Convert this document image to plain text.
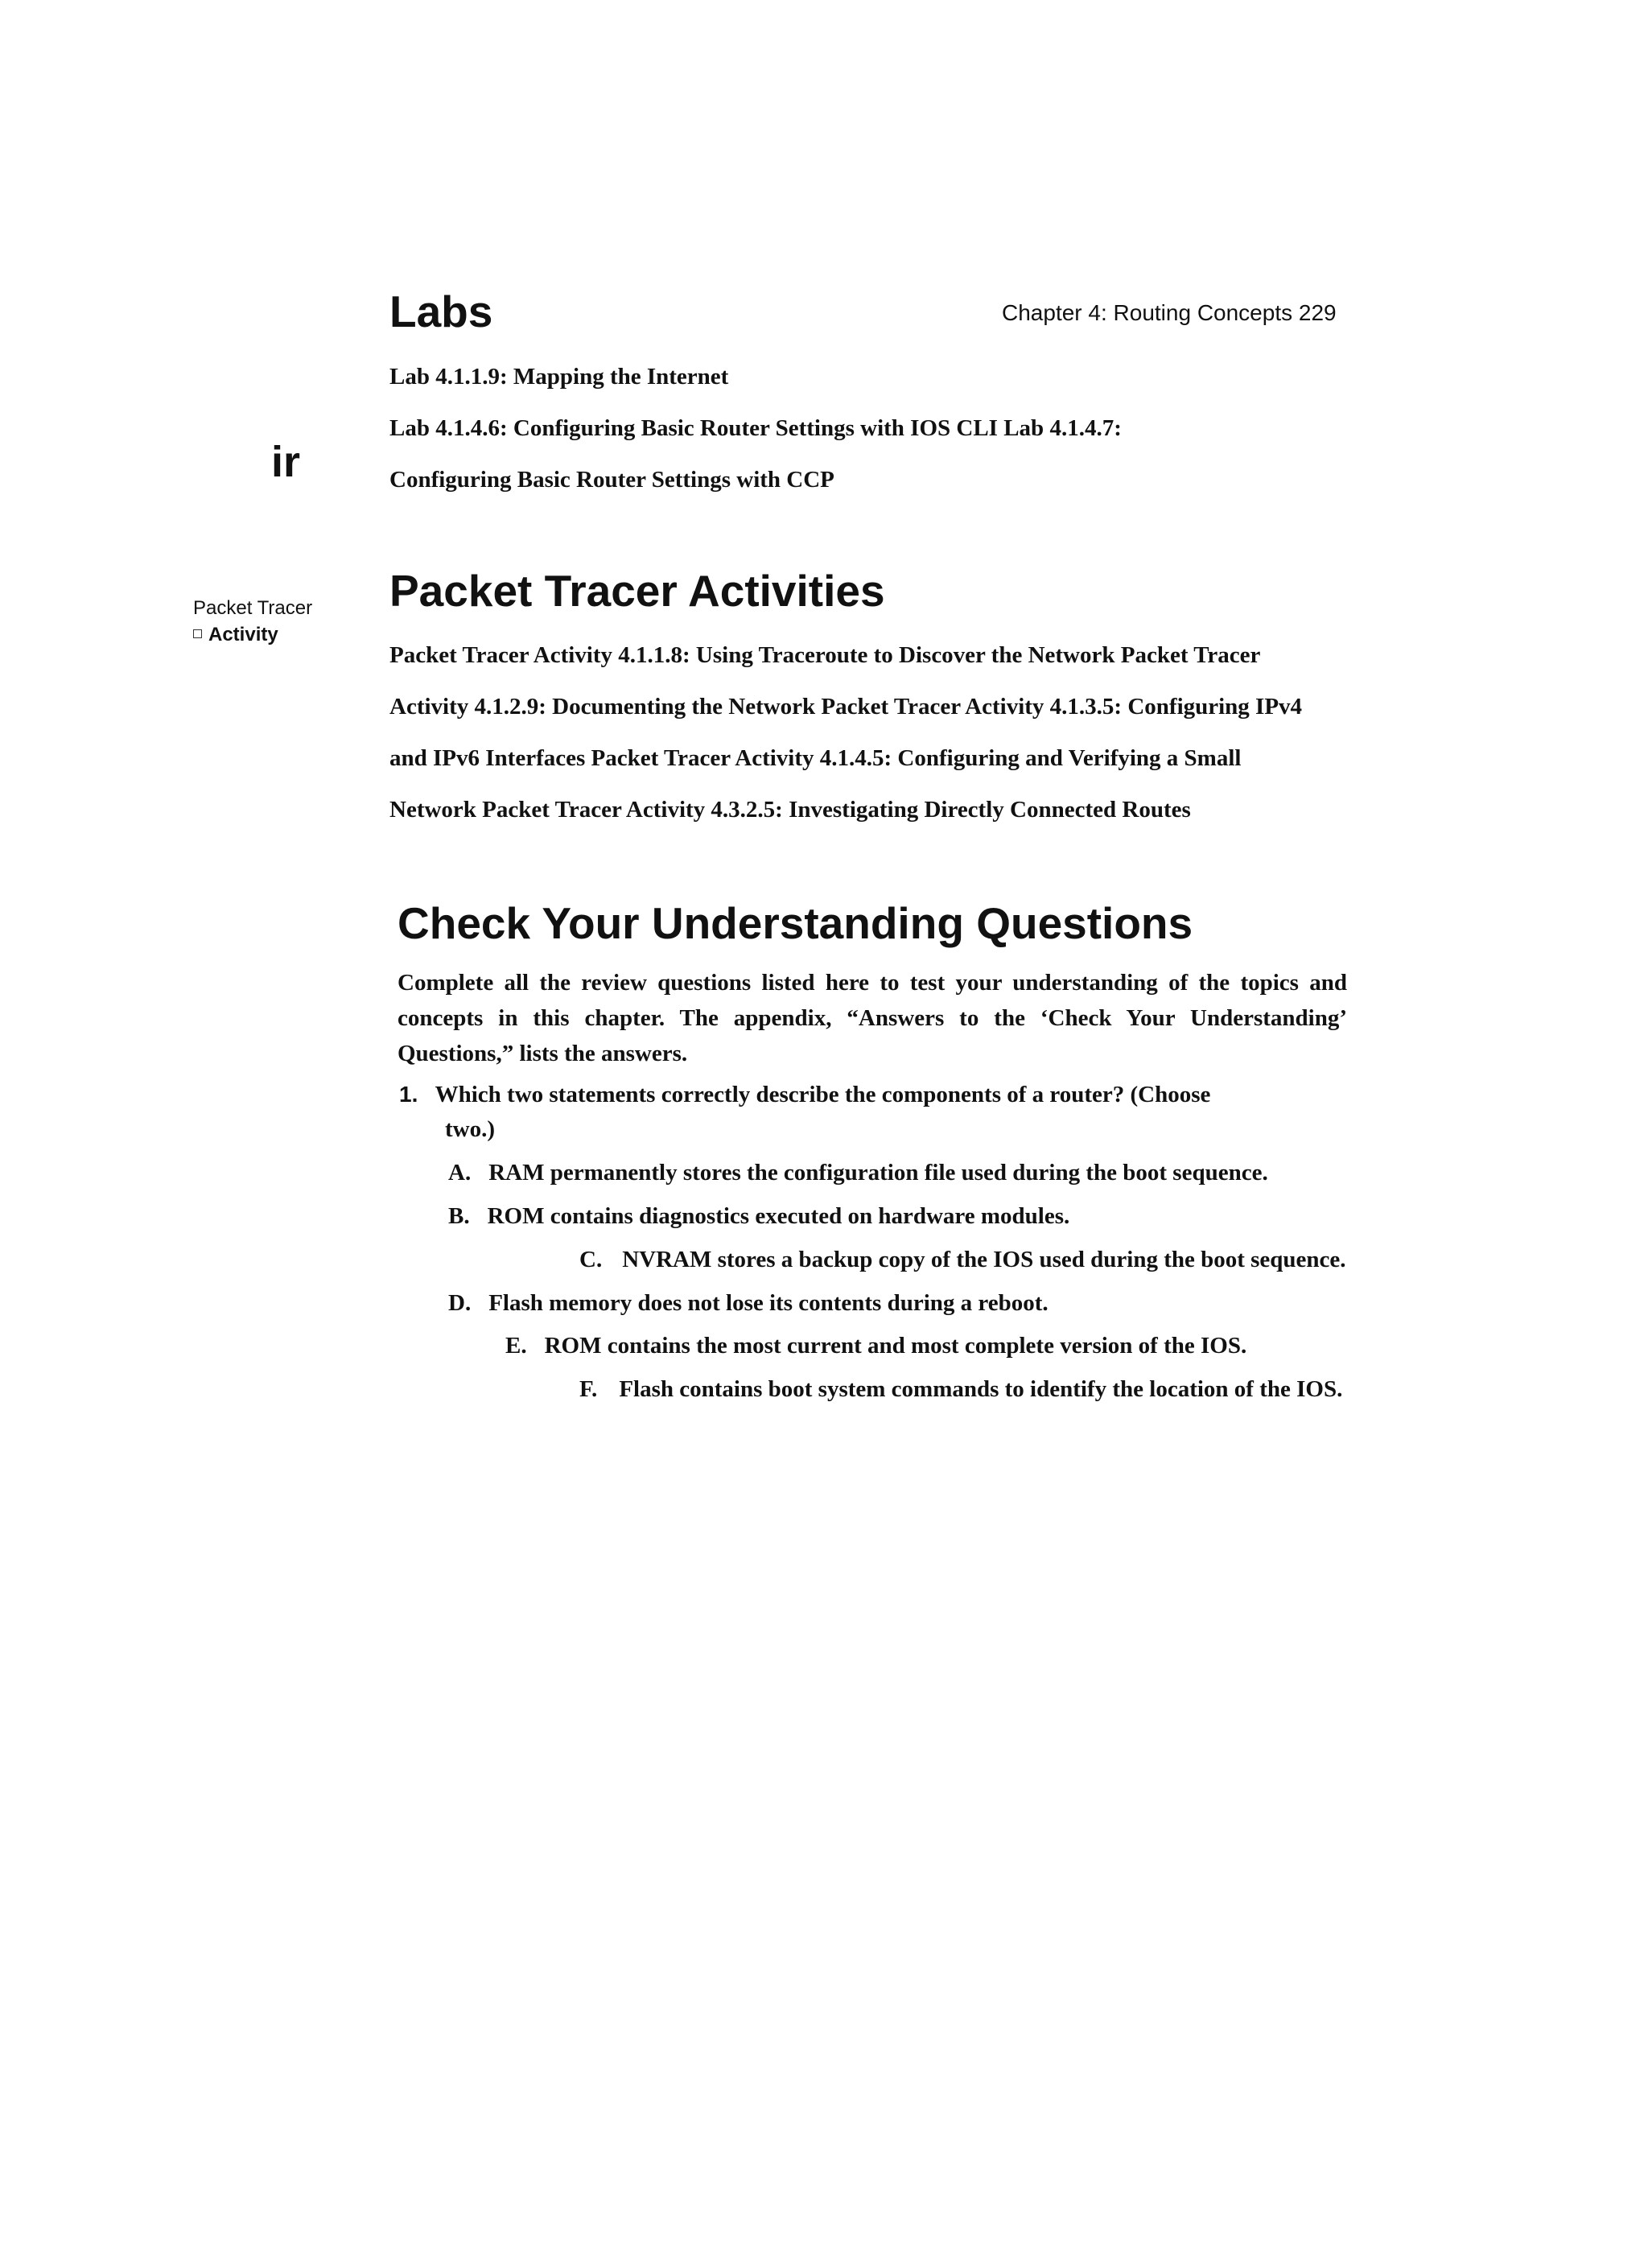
Chapter 4: Routing Concepts 229
ir
Packet Tracer
Activity
Labs
Lab 4.1.1.9: Mapping the Internet
Lab 4.1.4.6: Configuring Basic Router Settings with IOS CLI Lab 4.1.4.7:
Configuring Basic Router Settings with CCP
Packet Tracer Activities
Packet Tracer Activity 4.1.1.8: Using Traceroute to Discover the Network Packet Tracer
Activity 4.1.2.9: Documenting the Network Packet Tracer Activity 4.1.3.5: Configuring IPv4
and IPv6 Interfaces Packet Tracer Activity 4.1.4.5: Configuring and Verifying a Small
Network Packet Tracer Activity 4.3.2.5: Investigating Directly Connected Routes
Check Your Understanding Questions
Complete all the review questions listed here to test your understanding of the topics and concepts in this chapter. The appendix, “Answers to the ‘Check Your Understanding’ Questions,” lists the answers.
1. Which two statements correctly describe the components of a router? (Choose
two.)
A. RAM permanently stores the configuration file used during the boot sequence.
B. ROM contains diagnostics executed on hardware modules.
C. NVRAM stores a backup copy of the IOS used during the boot sequence.
D. Flash memory does not lose its contents during a reboot.
E. ROM contains the most current and most complete version of the IOS.
F. Flash contains boot system commands to identify the location of the IOS.
